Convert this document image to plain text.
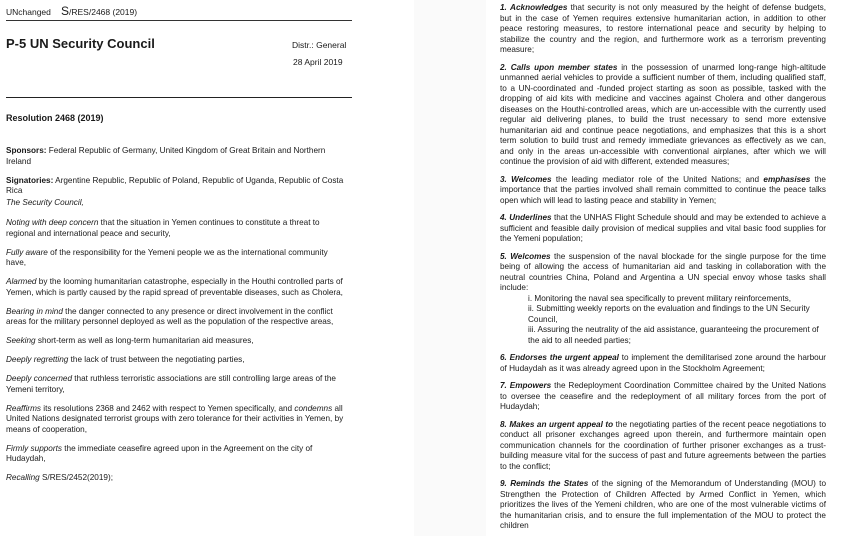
UNchanged S/RES/2468 (2019)
P-5 UN Security Council	Distr.: General
28 April 2019
Resolution 2468 (2019)

Sponsors: Federal Republic of Germany, United Kingdom of Great Britain and Northern Ireland

Signatories: Argentine Republic, Republic of Poland, Republic of Uganda, Republic of Costa Rica

The Security Council,

Noting with deep concern that the situation in Yemen continues to constitute a threat to regional and international peace and security,

Fully aware of the responsibility for the Yemeni people we as the international community have,

Alarmed by the looming humanitarian catastrophe, especially in the Houthi controlled parts of Yemen, which is partly caused by the rapid spread of preventable diseases, such as Cholera,

Bearing in mind the danger connected to any presence or direct involvement in the conflict areas for the military personnel deployed as well as the population of the respective areas,

Seeking short-term as well as long-term humanitarian aid measures,

Deeply regretting the lack of trust between the negotiating parties,

Deeply concerned that ruthless terroristic associations are still controlling large areas of the Yemeni territory,

Reaffirms its resolutions 2368 and 2462 with respect to Yemen specifically, and condemns all United Nations designated terrorist groups with zero tolerance for their activities in Yemen, by means of cooperation,

Firmly supports the immediate ceasefire agreed upon in the Agreement on the city of Hudaydah,

Recalling S/RES/2452(2019);

1. Acknowledges that security is not only measured by the height of defense budgets, but in the case of Yemen requires extensive humanitarian action, in addition to other peace restoring measures, to restore international peace and security by helping to stabilize the country and the region, and furthermore work as a terrorism preventing measure;

2. Calls upon member states in the possession of unarmed long-range high-altitude unmanned aerial vehicles to provide a sufficient number of them, including qualified staff, to a UN-coordinated and -funded project starting as soon as possible, tasked with the dropping of aid kits with medicine and vaccines against Cholera and other dangerous diseases on the Houthi-controlled areas, which are un-accessible with the currently used regular aid delivering planes, to build the trust necessary to send more extensive humanitarian aid and continue peace negotiations, and emphasizes that this is a short term solution to build trust and remedy immediate grievances as effectively as we can, and only in the areas un-accessible with conventional airplanes, after which we will continue the provision of aid with different, extended measures;

3. Welcomes the leading mediator role of the United Nations; and emphasises the importance that the parties involved shall remain committed to continue the peace talks open which will lead to lasting peace and stability in Yemen;

4. Underlines that the UNHAS Flight Schedule should and may be extended to achieve a sufficient and feasible daily provision of medical supplies and vital basic food supplies for the Yemeni population;

5. Welcomes the suspension of the naval blockade for the single purpose for the time being of allowing the access of humanitarian aid and tasking in collaboration with the neutral countries China, Poland and Argentina a UN special envoy whose tasks shall include:
i. Monitoring the naval sea specifically to prevent military reinforcements,
ii. Submitting weekly reports on the evaluation and findings to the UN Security Council,
iii. Assuring the neutrality of the aid assistance, guaranteeing the procurement of the aid to all needed parties;

6. Endorses the urgent appeal to implement the demilitarised zone around the harbour of Hudaydah as it was already agreed upon in the Stockholm Agreement;

7. Empowers the Redeployment Coordination Committee chaired by the United Nations to oversee the ceasefire and the redeployment of all military forces from the port of Hudaydah;

8. Makes an urgent appeal to the negotiating parties of the recent peace negotiations to conduct all prisoner exchanges agreed upon therein, and furthermore maintain open communication channels for the coordination of further prisoner exchanges as a trust-building measure vital for the success of past and future agreements between the parties to the conflict;

9. Reminds the States of the signing of the Memorandum of Understanding (MOU) to Strengthen the Protection of Children Affected by Armed Conflict in Yemen, which prioritizes the lives of the Yemeni children, who are one of the most vulnerable victims of the humanitarian crisis, and to ensure the full implementation of the MOU to protect the children
